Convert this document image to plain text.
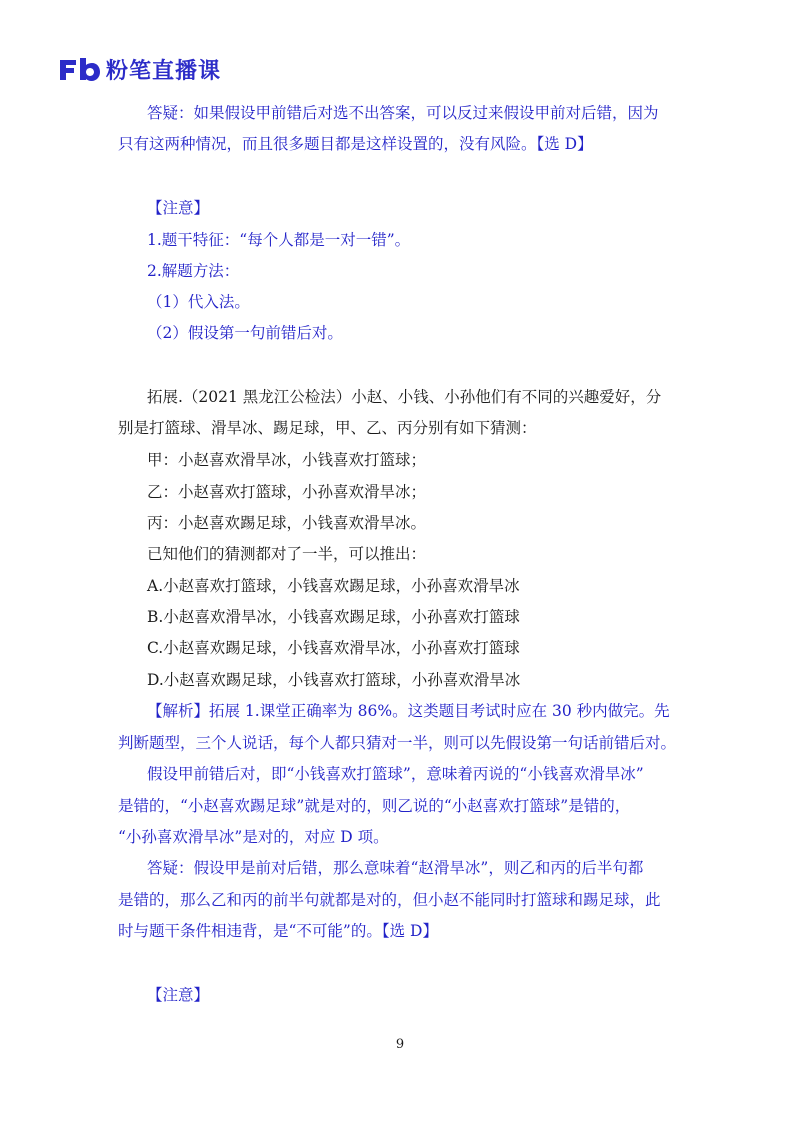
粉笔直播课
答疑：如果假设甲前错后对选不出答案，可以反过来假设甲前对后错，因为
只有这两种情况，而且很多题目都是这样设置的，没有风险。【选 D】
【注意】
1.题干特征：“每个人都是一对一错”。
2.解题方法：
（1）代入法。
（2）假设第一句前错后对。
拓展.（2021 黑龙江公检法）小赵、小钱、小孙他们有不同的兴趣爱好，分
别是打篮球、滑旱冰、踢足球，甲、乙、丙分别有如下猜测：
甲：小赵喜欢滑旱冰，小钱喜欢打篮球；
乙：小赵喜欢打篮球，小孙喜欢滑旱冰；
丙：小赵喜欢踢足球，小钱喜欢滑旱冰。
已知他们的猜测都对了一半，可以推出：
A.小赵喜欢打篮球，小钱喜欢踢足球，小孙喜欢滑旱冰
B.小赵喜欢滑旱冰，小钱喜欢踢足球，小孙喜欢打篮球
C.小赵喜欢踢足球，小钱喜欢滑旱冰，小孙喜欢打篮球
D.小赵喜欢踢足球，小钱喜欢打篮球，小孙喜欢滑旱冰
【解析】拓展 1.课堂正确率为 86%。这类题目考试时应在 30 秒内做完。先
判断题型，三个人说话，每个人都只猜对一半，则可以先假设第一句话前错后对。
假设甲前错后对，即“小钱喜欢打篮球”，意味着丙说的“小钱喜欢滑旱冰”
是错的，“小赵喜欢踢足球”就是对的，则乙说的“小赵喜欢打篮球”是错的，
“小孙喜欢滑旱冰”是对的，对应 D 项。
答疑：假设甲是前对后错，那么意味着“赵滑旱冰”，则乙和丙的后半句都
是错的，那么乙和丙的前半句就都是对的，但小赵不能同时打篮球和踢足球，此
时与题干条件相违背，是“不可能”的。【选 D】
【注意】
9
